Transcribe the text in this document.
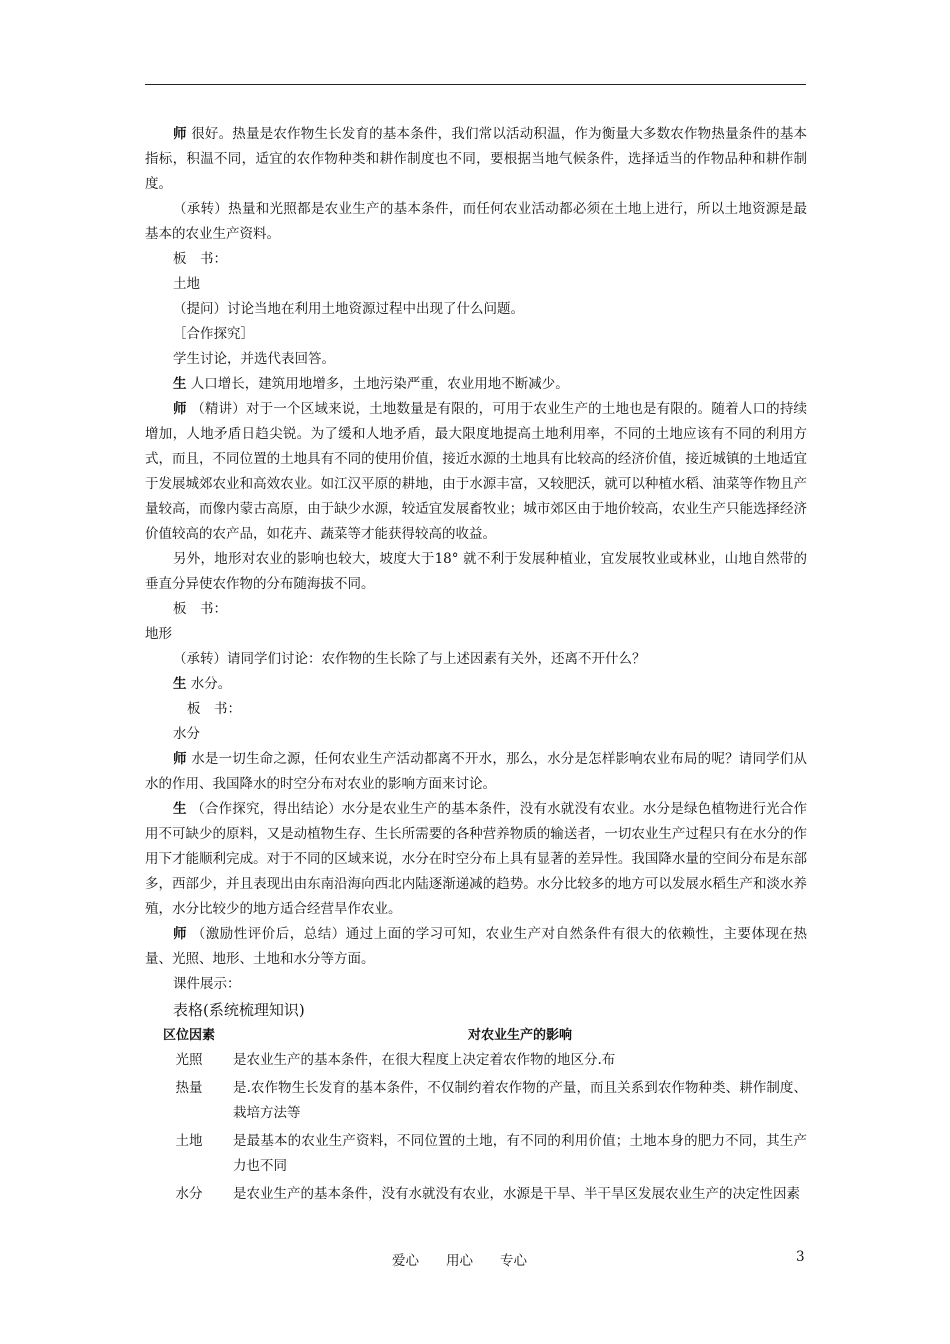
师 很好。热量是农作物生长发育的基本条件，我们常以活动积温，作为衡量大多数农作物热量条件的基本指标，积温不同，适宜的农作物种类和耕作制度也不同，要根据当地气候条件，选择适当的作物品种和耕作制度。

（承转）热量和光照都是农业生产的基本条件，而任何农业活动都必须在土地上进行，所以土地资源是最基本的农业生产资料。

板　书：

土地

（提问）讨论当地在利用土地资源过程中出现了什么问题。

［合作探究］

学生讨论，并选代表回答。

生 人口增长，建筑用地增多，土地污染严重，农业用地不断减少。

师 （精讲）对于一个区域来说，土地数量是有限的，可用于农业生产的土地也是有限的。随着人口的持续增加，人地矛盾日趋尖锐。为了缓和人地矛盾，最大限度地提高土地利用率，不同的土地应该有不同的利用方式，而且，不同位置的土地具有不同的使用价值，接近水源的土地具有比较高的经济价值，接近城镇的土地适宜于发展城郊农业和高效农业。如江汉平原的耕地，由于水源丰富，又较肥沃，就可以种植水稻、油菜等作物且产量较高，而像内蒙古高原，由于缺少水源，较适宜发展畜牧业；城市郊区由于地价较高，农业生产只能选择经济价值较高的农产品，如花卉、蔬菜等才能获得较高的收益。

另外，地形对农业的影响也较大，坡度大于18° 就不利于发展种植业，宜发展牧业或林业，山地自然带的垂直分异使农作物的分布随海拔不同。

板　书：

地形

（承转）请同学们讨论：农作物的生长除了与上述因素有关外，还离不开什么？

生 水分。

板　书：

水分

师 水是一切生命之源，任何农业生产活动都离不开水，那么，水分是怎样影响农业布局的呢？请同学们从水的作用、我国降水的时空分布对农业的影响方面来讨论。

生 （合作探究，得出结论）水分是农业生产的基本条件，没有水就没有农业。水分是绿色植物进行光合作用不可缺少的原料，又是动植物生存、生长所需要的各种营养物质的输送者，一切农业生产过程只有在水分的作用下才能顺利完成。对于不同的区域来说，水分在时空分布上具有显著的差异性。我国降水量的空间分布是东部多，西部少，并且表现出由东南沿海向西北内陆逐渐递减的趋势。水分比较多的地方可以发展水稻生产和淡水养殖，水分比较少的地方适合经营旱作农业。

师 （激励性评价后，总结）通过上面的学习可知，农业生产对自然条件有很大的依赖性，主要体现在热量、光照、地形、土地和水分等方面。

课件展示：

表格(系统梳理知识)

区位因素	对农业生产的影响
光照	是农业生产的基本条件，在很大程度上决定着农作物的地区分.布
热量	是.农作物生长发育的基本条件，不仅制约着农作物的产量，而且关系到农作物种类、耕作制度、栽培方法等
土地	是最基本的农业生产资料，不同位置的土地，有不同的利用价值；土地本身的肥力不同，其生产力也不同
水分	是农业生产的基本条件，没有水就没有农业，水源是干旱、半干旱区发展农业生产的决定性因素
爱心　　用心　　专心	3
